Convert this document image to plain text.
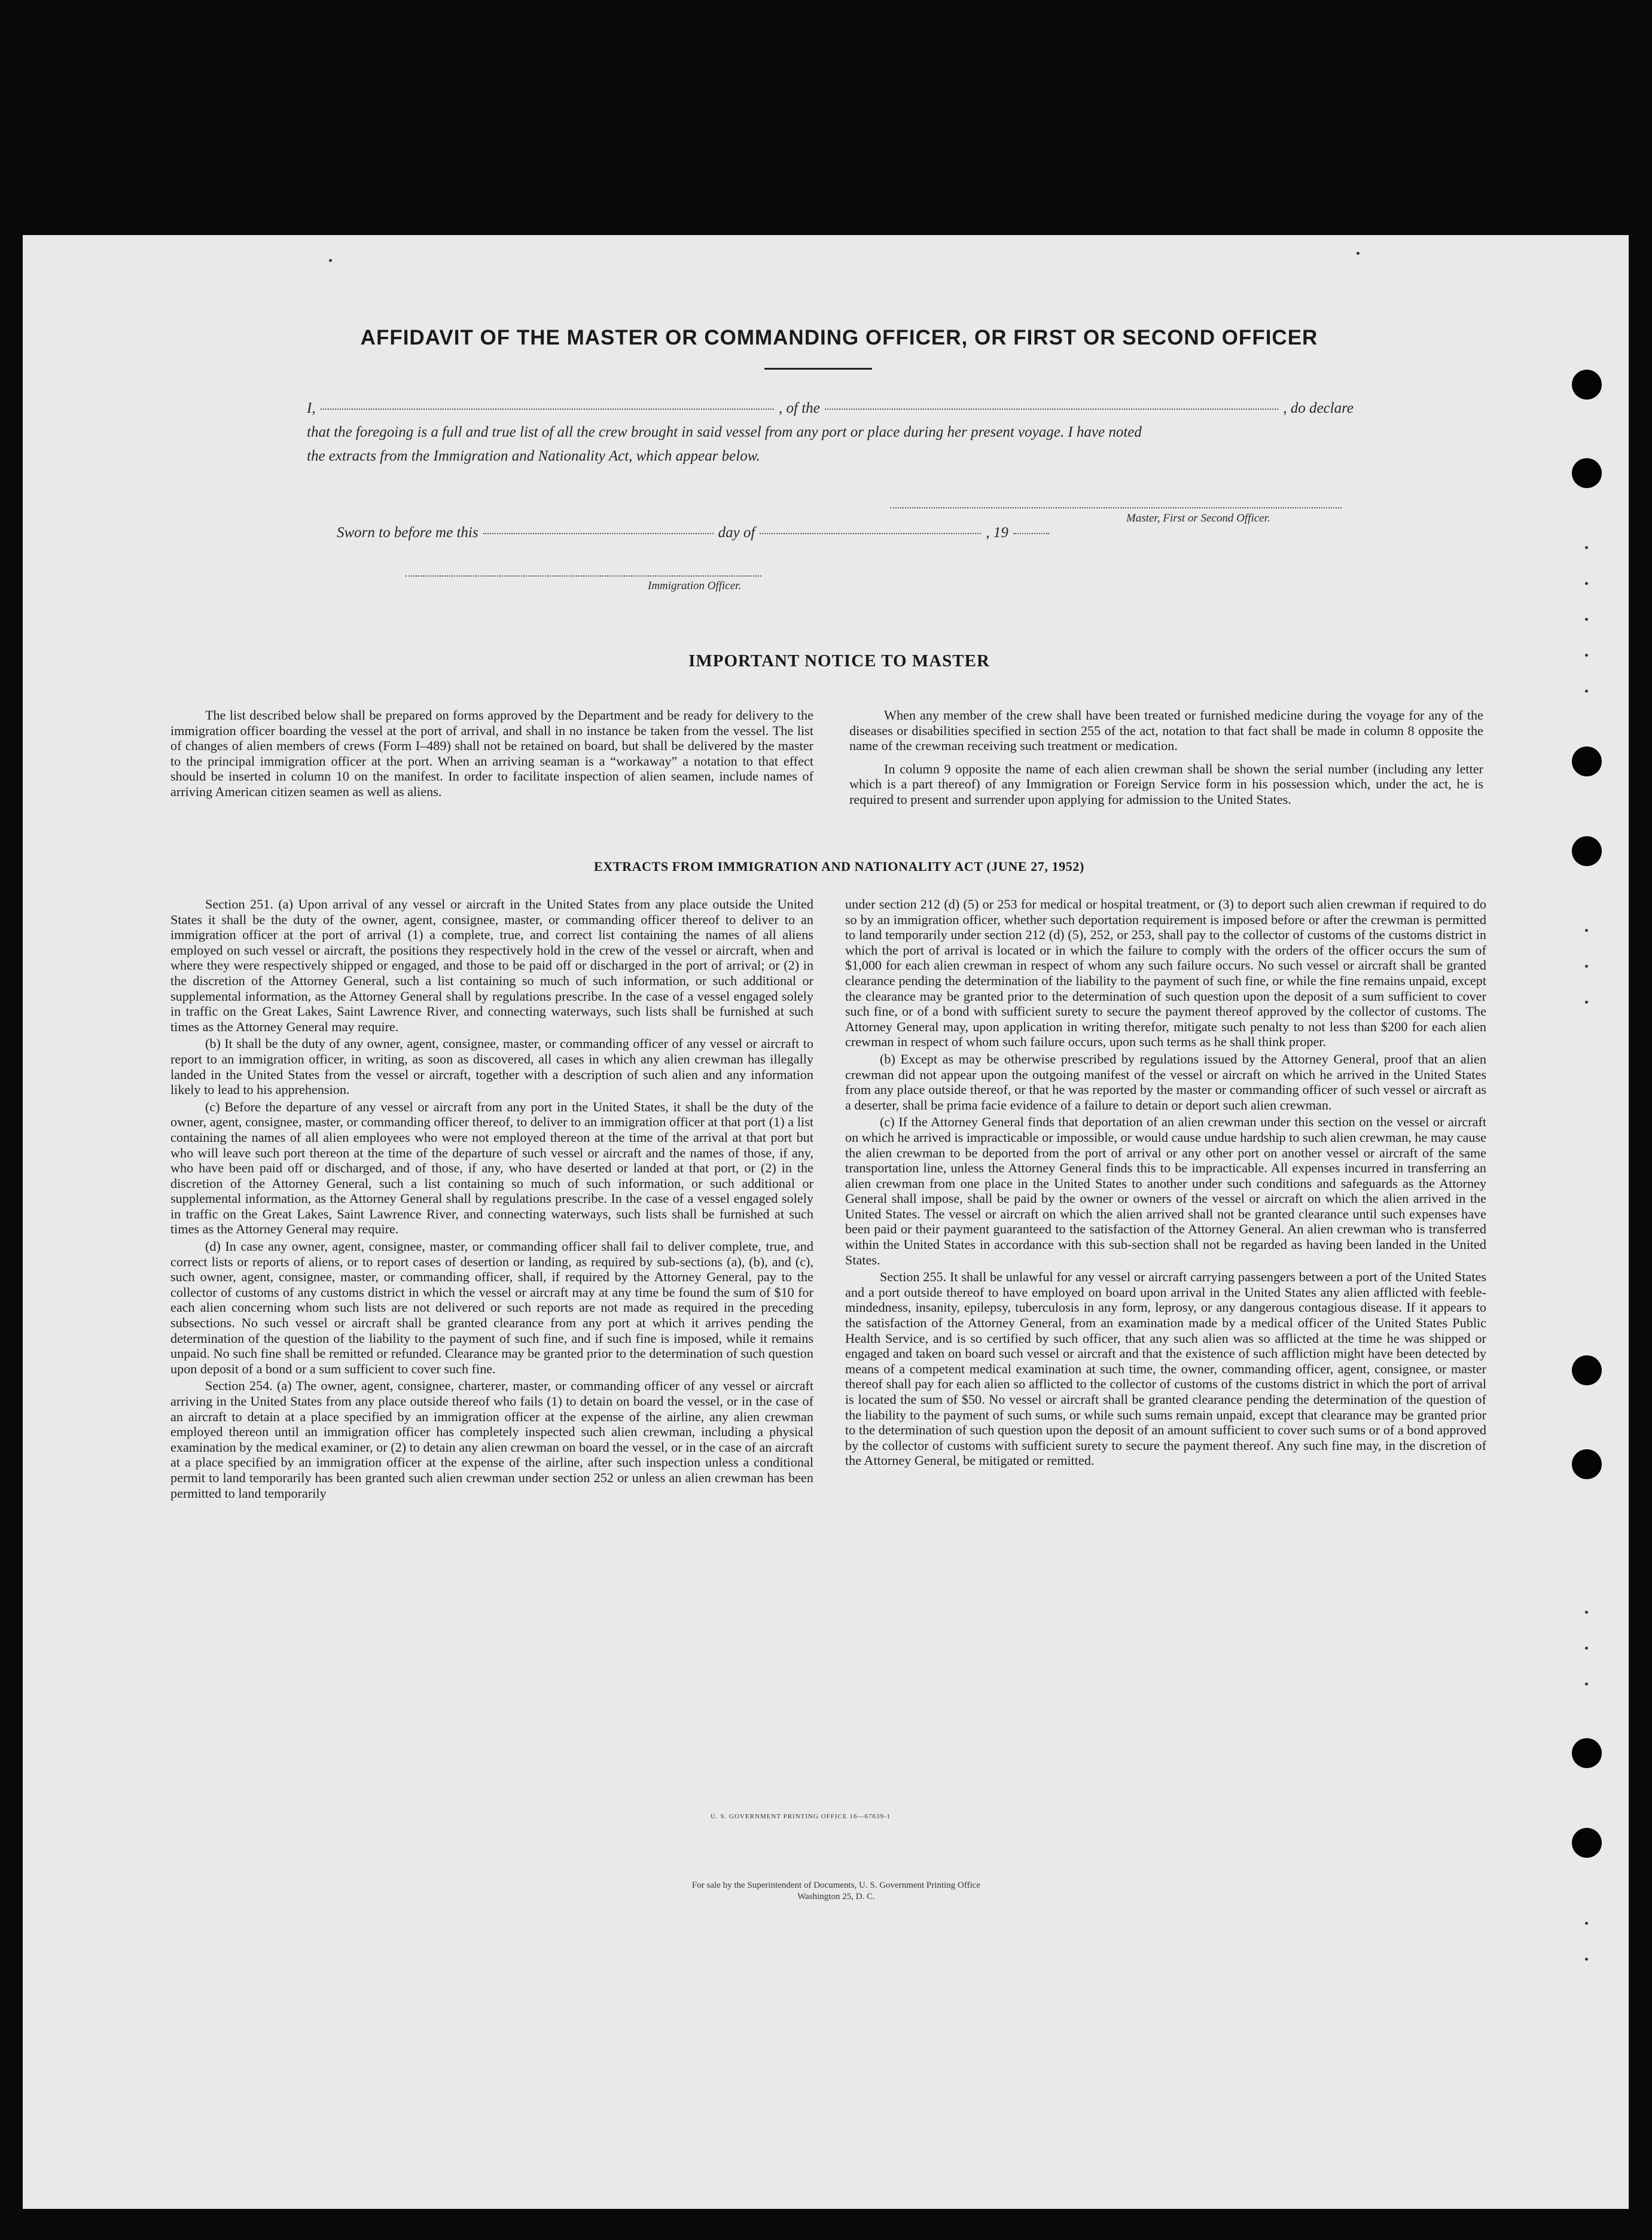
AFFIDAVIT OF THE MASTER OR COMMANDING OFFICER, OR FIRST OR SECOND OFFICER
I,	, of the	, do declare
that the foregoing is a full and true list of all the crew brought in said vessel from any port or place during her present voyage. I have noted
the extracts from the Immigration and Nationality Act, which appear below.
Master, First or Second Officer.
Sworn to before me this	day of	, 19
Immigration Officer.
IMPORTANT NOTICE TO MASTER

The list described below shall be prepared on forms approved by the Department and be ready for delivery to the immigration officer boarding the vessel at the port of arrival, and shall in no instance be taken from the vessel. The list of changes of alien members of crews (Form I–489) shall not be retained on board, but shall be delivered by the master to the principal immigration officer at the port. When an arriving seaman is a “workaway” a notation to that effect should be inserted in column 10 on the manifest. In order to facilitate inspection of alien seamen, include names of arriving American citizen seamen as well as aliens.

When any member of the crew shall have been treated or furnished medicine during the voyage for any of the diseases or disabilities specified in section 255 of the act, notation to that fact shall be made in column 8 opposite the name of the crewman receiving such treatment or medication.

In column 9 opposite the name of each alien crewman shall be shown the serial number (including any letter which is a part thereof) of any Immigration or Foreign Service form in his possession which, under the act, he is required to present and surrender upon applying for admission to the United States.

EXTRACTS FROM IMMIGRATION AND NATIONALITY ACT (JUNE 27, 1952)

Section 251. (a) Upon arrival of any vessel or aircraft in the United States from any place outside the United States it shall be the duty of the owner, agent, consignee, master, or commanding officer thereof to deliver to an immigration officer at the port of arrival (1) a complete, true, and correct list containing the names of all aliens employed on such vessel or aircraft, the positions they respectively hold in the crew of the vessel or aircraft, when and where they were respectively shipped or engaged, and those to be paid off or discharged in the port of arrival; or (2) in the discretion of the Attorney General, such a list containing so much of such information, or such additional or supplemental information, as the Attorney General shall by regulations prescribe. In the case of a vessel engaged solely in traffic on the Great Lakes, Saint Lawrence River, and connecting waterways, such lists shall be furnished at such times as the Attorney General may require.

(b) It shall be the duty of any owner, agent, consignee, master, or commanding officer of any vessel or aircraft to report to an immigration officer, in writing, as soon as discovered, all cases in which any alien crewman has illegally landed in the United States from the vessel or aircraft, together with a description of such alien and any information likely to lead to his apprehension.

(c) Before the departure of any vessel or aircraft from any port in the United States, it shall be the duty of the owner, agent, consignee, master, or commanding officer thereof, to deliver to an immigration officer at that port (1) a list containing the names of all alien employees who were not employed thereon at the time of the arrival at that port but who will leave such port thereon at the time of the departure of such vessel or aircraft and the names of those, if any, who have been paid off or discharged, and of those, if any, who have deserted or landed at that port, or (2) in the discretion of the Attorney General, such a list containing so much of such information, or such additional or supplemental information, as the Attorney General shall by regulations prescribe. In the case of a vessel engaged solely in traffic on the Great Lakes, Saint Lawrence River, and connecting waterways, such lists shall be furnished at such times as the Attorney General may require.

(d) In case any owner, agent, consignee, master, or commanding officer shall fail to deliver complete, true, and correct lists or reports of aliens, or to report cases of desertion or landing, as required by sub-sections (a), (b), and (c), such owner, agent, consignee, master, or commanding officer, shall, if required by the Attorney General, pay to the collector of customs of any customs district in which the vessel or aircraft may at any time be found the sum of $10 for each alien concerning whom such lists are not delivered or such reports are not made as required in the preceding subsections. No such vessel or aircraft shall be granted clearance from any port at which it arrives pending the determination of the question of the liability to the payment of such fine, and if such fine is imposed, while it remains unpaid. No such fine shall be remitted or refunded. Clearance may be granted prior to the determination of such question upon deposit of a bond or a sum sufficient to cover such fine.

Section 254. (a) The owner, agent, consignee, charterer, master, or commanding officer of any vessel or aircraft arriving in the United States from any place outside thereof who fails (1) to detain on board the vessel, or in the case of an aircraft to detain at a place specified by an immigration officer at the expense of the airline, any alien crewman employed thereon until an immigration officer has completely inspected such alien crewman, including a physical examination by the medical examiner, or (2) to detain any alien crewman on board the vessel, or in the case of an aircraft at a place specified by an immigration officer at the expense of the airline, after such inspection unless a conditional permit to land temporarily has been granted such alien crewman under section 252 or unless an alien crewman has been permitted to land temporarily

under section 212 (d) (5) or 253 for medical or hospital treatment, or (3) to deport such alien crewman if required to do so by an immigration officer, whether such deportation requirement is imposed before or after the crewman is permitted to land temporarily under section 212 (d) (5), 252, or 253, shall pay to the collector of customs of the customs district in which the port of arrival is located or in which the failure to comply with the orders of the officer occurs the sum of $1,000 for each alien crewman in respect of whom any such failure occurs. No such vessel or aircraft shall be granted clearance pending the determination of the liability to the payment of such fine, or while the fine remains unpaid, except the clearance may be granted prior to the determination of such question upon the deposit of a sum sufficient to cover such fine, or of a bond with sufficient surety to secure the payment thereof approved by the collector of customs. The Attorney General may, upon application in writing therefor, mitigate such penalty to not less than $200 for each alien crewman in respect of whom such failure occurs, upon such terms as he shall think proper.

(b) Except as may be otherwise prescribed by regulations issued by the Attorney General, proof that an alien crewman did not appear upon the outgoing manifest of the vessel or aircraft on which he arrived in the United States from any place outside thereof, or that he was reported by the master or commanding officer of such vessel or aircraft as a deserter, shall be prima facie evidence of a failure to detain or deport such alien crewman.

(c) If the Attorney General finds that deportation of an alien crewman under this section on the vessel or aircraft on which he arrived is impracticable or impossible, or would cause undue hardship to such alien crewman, he may cause the alien crewman to be deported from the port of arrival or any other port on another vessel or aircraft of the same transportation line, unless the Attorney General finds this to be impracticable. All expenses incurred in transferring an alien crewman from one place in the United States to another under such conditions and safeguards as the Attorney General shall impose, shall be paid by the owner or owners of the vessel or aircraft on which the alien arrived in the United States. The vessel or aircraft on which the alien arrived shall not be granted clearance until such expenses have been paid or their payment guaranteed to the satisfaction of the Attorney General. An alien crewman who is transferred within the United States in accordance with this sub-section shall not be regarded as having been landed in the United States.

Section 255. It shall be unlawful for any vessel or aircraft carrying passengers between a port of the United States and a port outside thereof to have employed on board upon arrival in the United States any alien afflicted with feeble-mindedness, insanity, epilepsy, tuberculosis in any form, leprosy, or any dangerous contagious disease. If it appears to the satisfaction of the Attorney General, from an examination made by a medical officer of the United States Public Health Service, and is so certified by such officer, that any such alien was so afflicted at the time he was shipped or engaged and taken on board such vessel or aircraft and that the existence of such affliction might have been detected by means of a competent medical examination at such time, the owner, commanding officer, agent, consignee, or master thereof shall pay for each alien so afflicted to the collector of customs of the customs district in which the port of arrival is located the sum of $50. No vessel or aircraft shall be granted clearance pending the determination of the question of the liability to the payment of such sums, or while such sums remain unpaid, except that clearance may be granted prior to the determination of such question upon the deposit of an amount sufficient to cover such sums or of a bond approved by the collector of customs with sufficient surety to secure the payment thereof. Any such fine may, in the discretion of the Attorney General, be mitigated or remitted.

U. S. GOVERNMENT PRINTING OFFICE 16—67639-1
For sale by the Superintendent of Documents, U. S. Government Printing Office
Washington 25, D. C.
